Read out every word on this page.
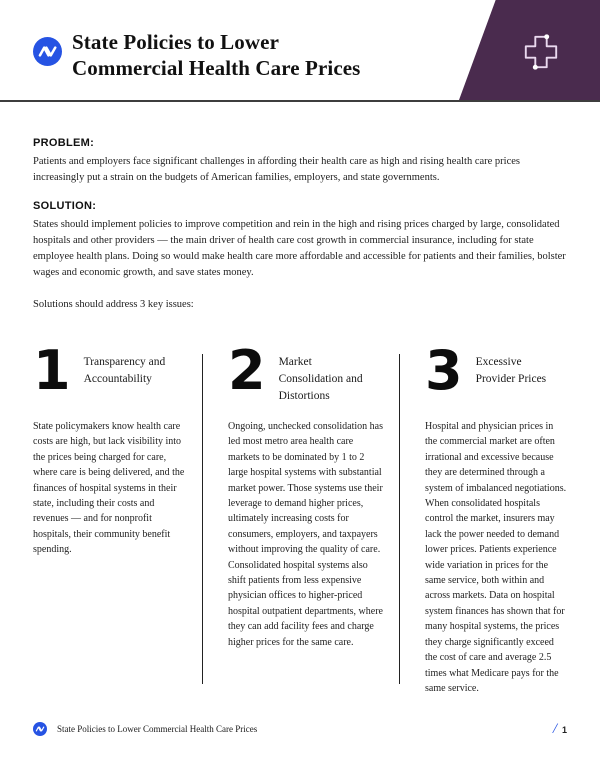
State Policies to Lower
Commercial Health Care Prices
PROBLEM:

Patients and employers face significant challenges in affording their health care as high and rising health care prices increasingly put a strain on the budgets of American families, employers, and state governments.

SOLUTION:

States should implement policies to improve competition and rein in the high and rising prices charged by large, consolidated hospitals and other providers — the main driver of health care cost growth in commercial insurance, including for state employee health plans. Doing so would make health care more affordable and accessible for patients and their families, bolster wages and economic growth, and save states money.

Solutions should address 3 key issues:

1 Transparency and Accountability

State policymakers know health care costs are high, but lack visibility into the prices being charged for care, where care is being delivered, and the finances of hospital systems in their state, including their costs and revenues — and for nonprofit hospitals, their community benefit spending.

2 Market Consolidation and Distortions

Ongoing, unchecked consolidation has led most metro area health care markets to be dominated by 1 to 2 large hospital systems with substantial market power. Those systems use their leverage to demand higher prices, ultimately increasing costs for consumers, employers, and taxpayers without improving the quality of care. Consolidated hospital systems also shift patients from less expensive physician offices to higher-priced hospital outpatient departments, where they can add facility fees and charge higher prices for the same care.

3 Excessive Provider Prices

Hospital and physician prices in the commercial market are often irrational and excessive because they are determined through a system of imbalanced negotiations. When consolidated hospitals control the market, insurers may lack the power needed to demand lower prices. Patients experience wide variation in prices for the same service, both within and across markets. Data on hospital system finances has shown that for many hospital systems, the prices they charge significantly exceed the cost of care and average 2.5 times what Medicare pays for the same service.

State Policies to Lower Commercial Health Care Prices	/ 1
